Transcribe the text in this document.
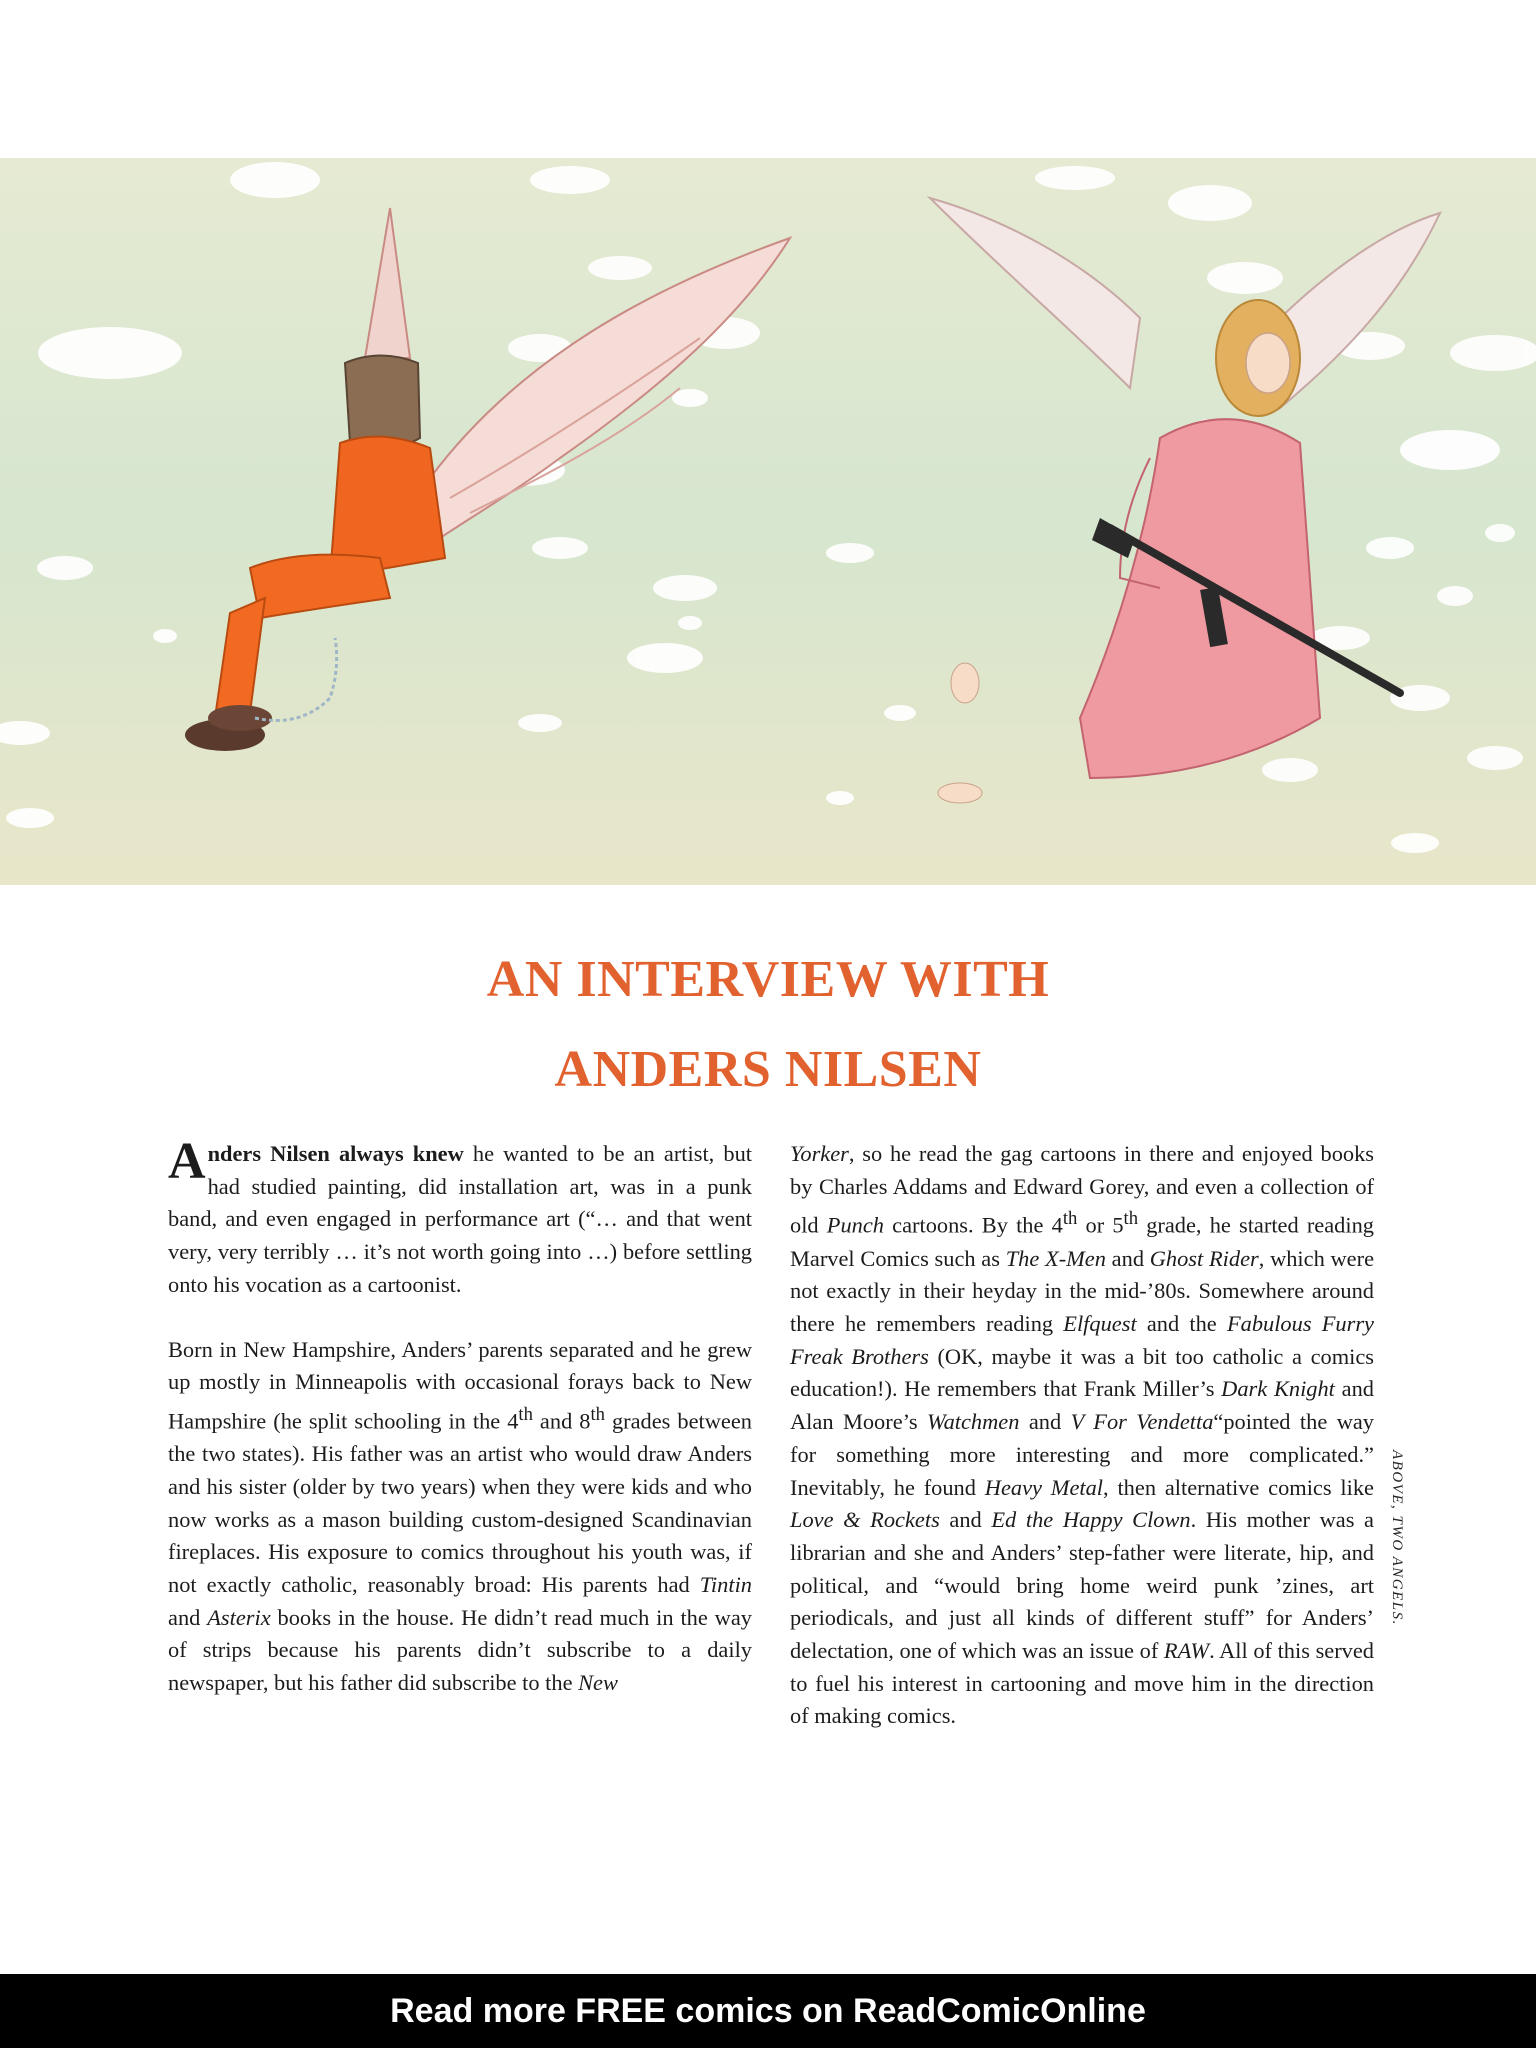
AN INTERVIEW WITH
ANDERS NILSEN

Anders Nilsen always knew he wanted to be an artist, but had studied painting, did installation art, was in a punk band, and even engaged in performance art (“… and that went very, very terribly … it’s not worth going into …) before settling onto his vocation as a cartoonist.

Born in New Hampshire, Anders’ parents separated and he grew up mostly in Minneapolis with occasional forays back to New Hampshire (he split schooling in the 4th and 8th grades between the two states). His father was an artist who would draw Anders and his sister (older by two years) when they were kids and who now works as a mason building custom-designed Scandinavian fireplaces. His exposure to comics throughout his youth was, if not exactly catholic, reasonably broad: His parents had Tintin and Asterix books in the house. He didn’t read much in the way of strips because his parents didn’t subscribe to a daily newspaper, but his father did subscribe to the New

Yorker, so he read the gag cartoons in there and enjoyed books by Charles Addams and Edward Gorey, and even a collection of old Punch cartoons. By the 4th or 5th grade, he started reading Marvel Comics such as The X-Men and Ghost Rider, which were not exactly in their heyday in the mid-’80s. Somewhere around there he remembers reading Elfquest and the Fabulous Furry Freak Brothers (OK, maybe it was a bit too catholic a comics education!). He remembers that Frank Miller’s Dark Knight and Alan Moore’s Watchmen and V For Vendetta“pointed the way for something more interesting and more complicated.” Inevitably, he found Heavy Metal, then alternative comics like Love & Rockets and Ed the Happy Clown. His mother was a librarian and she and Anders’ step-father were literate, hip, and political, and “would bring home weird punk ’zines, art periodicals, and just all kinds of different stuff” for Anders’ delectation, one of which was an issue of RAW. All of this served to fuel his interest in cartooning and move him in the direction of making comics.

ABOVE, TWO ANGELS.
Read more FREE comics on ReadComicOnline
